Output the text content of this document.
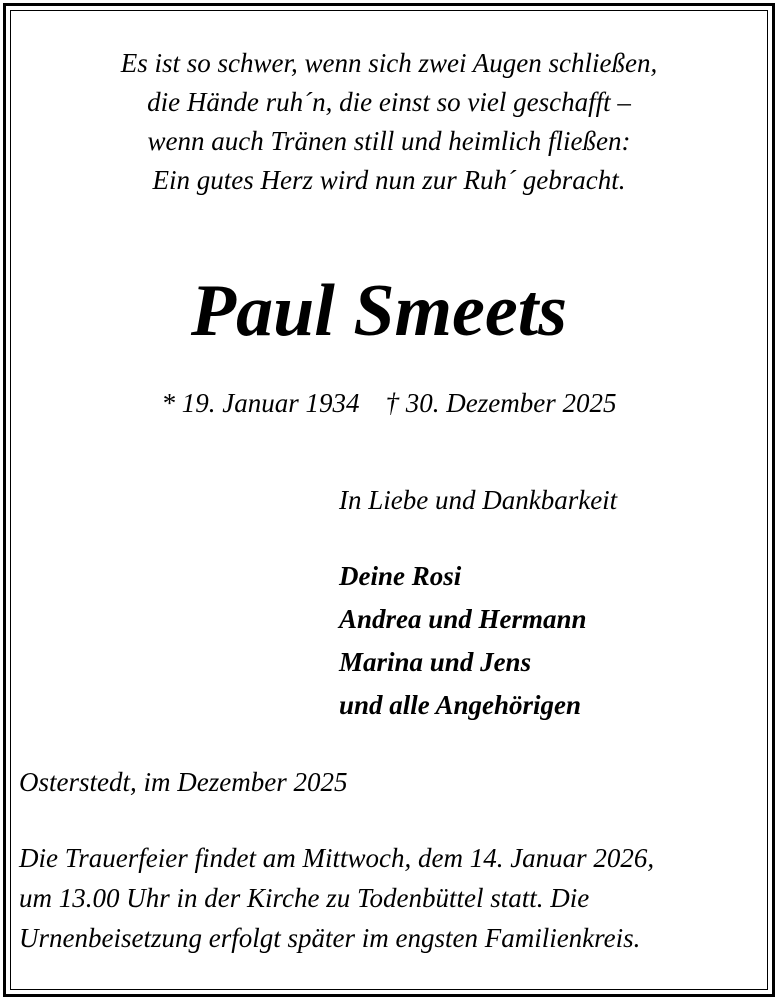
Es ist so schwer, wenn sich zwei Augen schließen,
die Hände ruh´n, die einst so viel geschafft –
wenn auch Tränen still und heimlich fließen:
Ein gutes Herz wird nun zur Ruh´ gebracht.
Paul Smeets
* 19. Januar 1934 † 30. Dezember 2025
In Liebe und Dankbarkeit
Deine Rosi
Andrea und Hermann
Marina und Jens
und alle Angehörigen
Osterstedt, im Dezember 2025
Die Trauerfeier findet am Mittwoch, dem 14. Januar 2026,
um 13.00 Uhr in der Kirche zu Todenbüttel statt. Die
Urnenbeisetzung erfolgt später im engsten Familienkreis.
